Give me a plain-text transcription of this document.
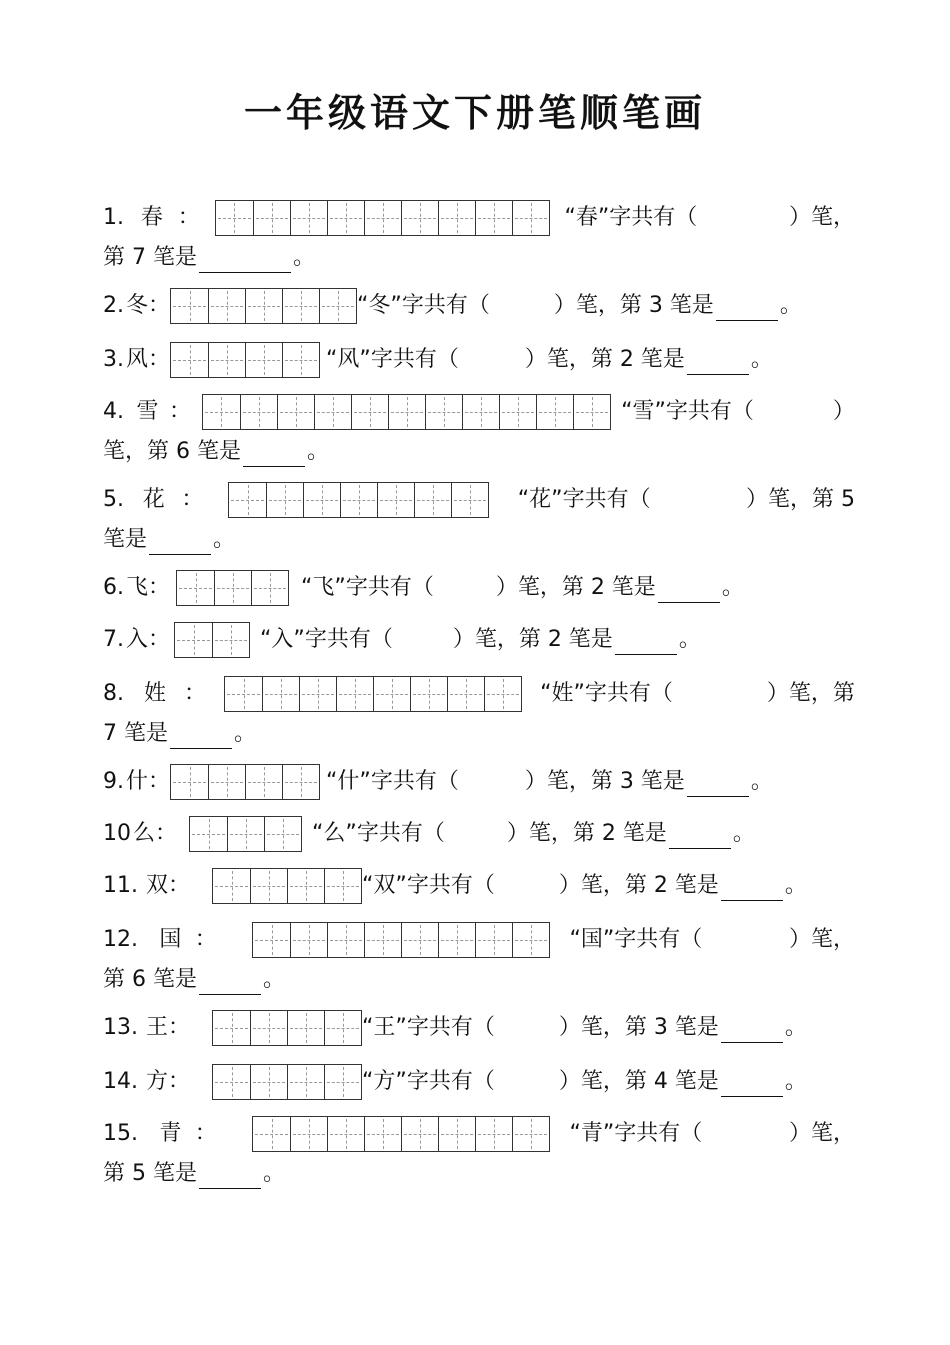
一年级语文下册笔顺笔画
1. 春 ：	“春”字共有（	）笔，
第 7 笔是	。
2. 冬 ：	“冬”字共有（	）笔，第 3 笔是	。
3. 风 ：	“风”字共有（	）笔，第 2 笔是	。
4. 雪 ：	“雪”字共有（	）
笔，第 6 笔是	。
5. 花 ：	“花”字共有（	）笔，第 5
笔是	。
6. 飞 ：	“飞”字共有（	）笔，第 2 笔是	。
7. 入 ：	“入”字共有（	）笔，第 2 笔是	。
8. 姓 ：	“姓”字共有（	）笔，第
7 笔是	。
9. 什 ：	“什”字共有（	）笔，第 3 笔是	。
10 么 ：	“么”字共有（	）笔，第 2 笔是	。
11. 双 ：	“双”字共有（	）笔，第 2 笔是	。
12. 国 ：	“国”字共有（	）笔，
第 6 笔是	。
13. 王 ：	“王”字共有（	）笔，第 3 笔是	。
14. 方 ：	“方”字共有（	）笔，第 4 笔是	。
15. 青 ：	“青”字共有（	）笔，
第 5 笔是	。
